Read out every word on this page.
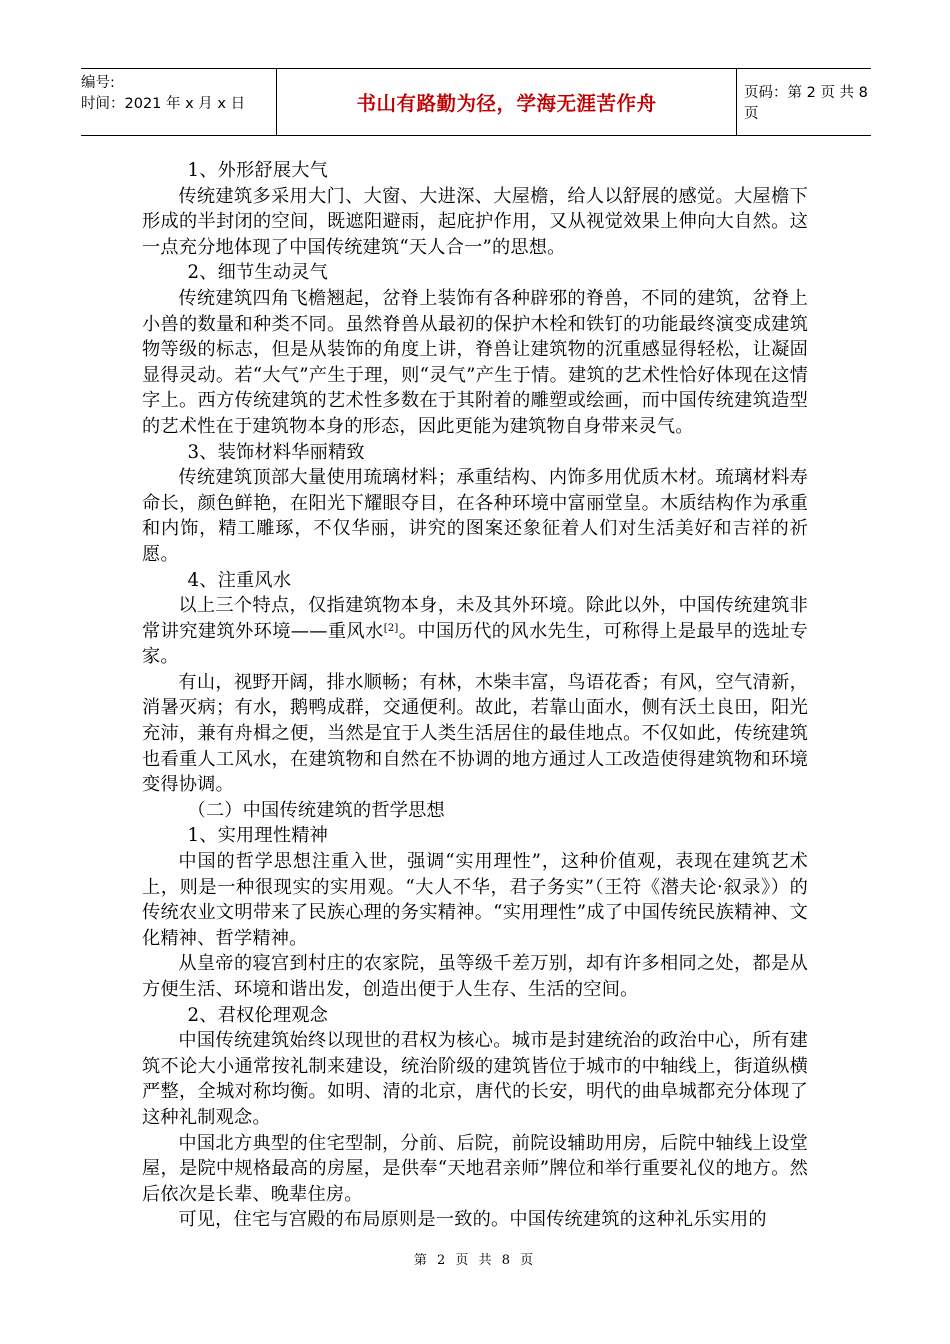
编号:
时间：2021 年 x 月 x 日	书山有路勤为径，学海无涯苦作舟	页码：第 2 页 共 8 页

1、外形舒展大气

传统建筑多采用大门、大窗、大进深、大屋檐，给人以舒展的感觉。大屋檐下形成的半封闭的空间，既遮阳避雨，起庇护作用，又从视觉效果上伸向大自然。这一点充分地体现了中国传统建筑“天人合一”的思想。

2、细节生动灵气

传统建筑四角飞檐翘起，岔脊上装饰有各种辟邪的脊兽，不同的建筑，岔脊上小兽的数量和种类不同。虽然脊兽从最初的保护木栓和铁钉的功能最终演变成建筑物等级的标志，但是从装饰的角度上讲，脊兽让建筑物的沉重感显得轻松，让凝固显得灵动。若“大气”产生于理，则“灵气”产生于情。建筑的艺术性恰好体现在这情字上。西方传统建筑的艺术性多数在于其附着的雕塑或绘画，而中国传统建筑造型的艺术性在于建筑物本身的形态，因此更能为建筑物自身带来灵气。

3、装饰材料华丽精致

传统建筑顶部大量使用琉璃材料；承重结构、内饰多用优质木材。琉璃材料寿命长，颜色鲜艳，在阳光下耀眼夺目，在各种环境中富丽堂皇。木质结构作为承重和内饰，精工雕琢，不仅华丽，讲究的图案还象征着人们对生活美好和吉祥的祈愿。

4、注重风水

以上三个特点，仅指建筑物本身，未及其外环境。除此以外，中国传统建筑非常讲究建筑外环境——重风水[2]。中国历代的风水先生，可称得上是最早的选址专家。

有山，视野开阔，排水顺畅；有林，木柴丰富，鸟语花香；有风，空气清新，消暑灭病；有水，鹅鸭成群，交通便利。故此，若靠山面水，侧有沃土良田，阳光充沛，兼有舟楫之便，当然是宜于人类生活居住的最佳地点。不仅如此，传统建筑也看重人工风水，在建筑物和自然在不协调的地方通过人工改造使得建筑物和环境变得协调。

（二）中国传统建筑的哲学思想

1、实用理性精神

中国的哲学思想注重入世，强调“实用理性”，这种价值观，表现在建筑艺术上，则是一种很现实的实用观。“大人不华，君子务实”（王符《潜夫论·叙录》）的传统农业文明带来了民族心理的务实精神。“实用理性”成了中国传统民族精神、文化精神、哲学精神。

从皇帝的寝宫到村庄的农家院，虽等级千差万别，却有许多相同之处，都是从方便生活、环境和谐出发，创造出便于人生存、生活的空间。

2、君权伦理观念

中国传统建筑始终以现世的君权为核心。城市是封建统治的政治中心，所有建筑不论大小通常按礼制来建设，统治阶级的建筑皆位于城市的中轴线上，街道纵横严整，全城对称均衡。如明、清的北京，唐代的长安，明代的曲阜城都充分体现了这种礼制观念。

中国北方典型的住宅型制，分前、后院，前院设辅助用房，后院中轴线上设堂屋，是院中规格最高的房屋，是供奉“天地君亲师”牌位和举行重要礼仪的地方。然后依次是长辈、晚辈住房。

可见，住宅与宫殿的布局原则是一致的。中国传统建筑的这种礼乐实用的

第 2 页 共 8 页
